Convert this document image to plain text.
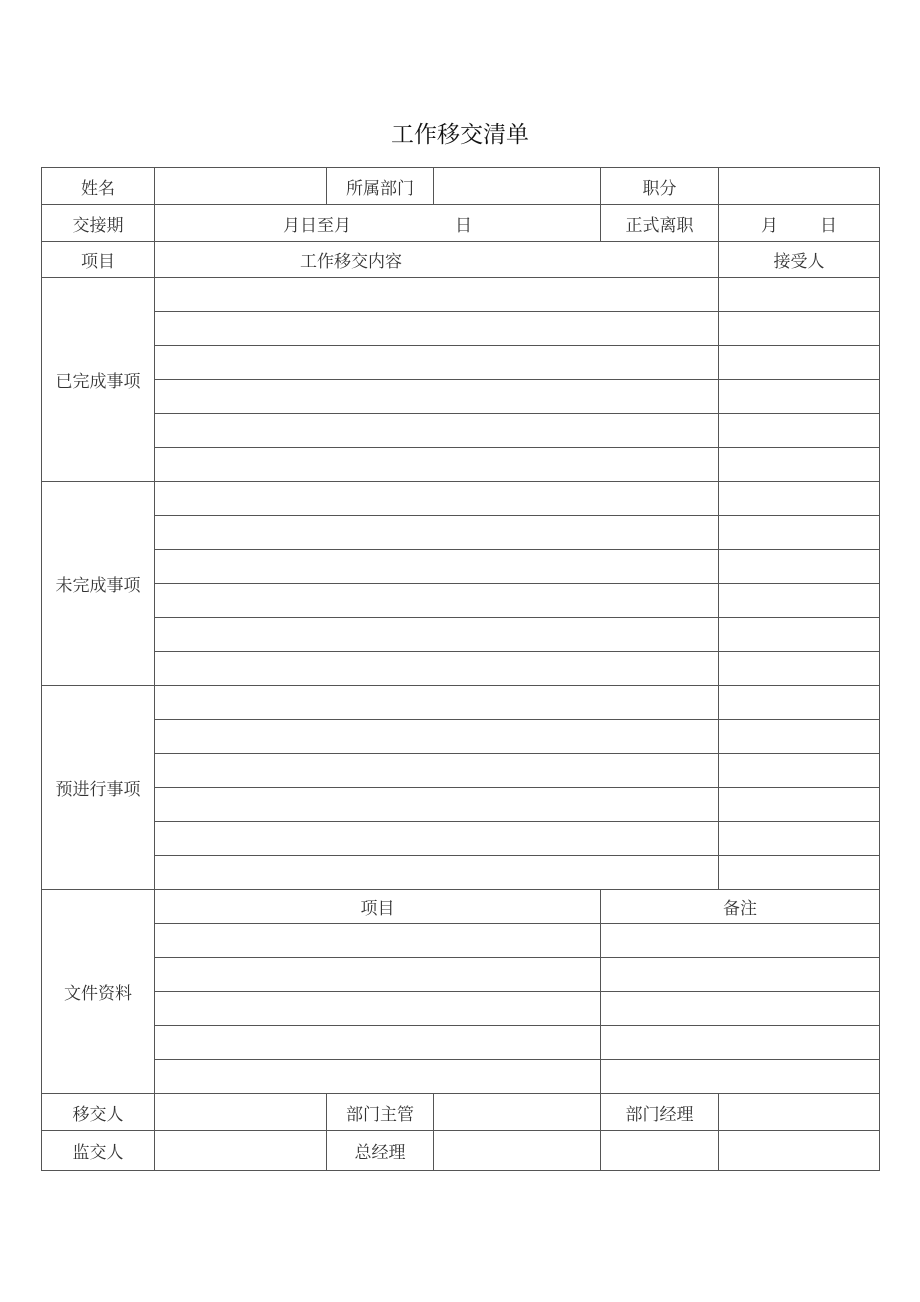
工作移交清单
姓名		所属部门		职分	
交接期	月日至月 日			正式离职	月 日
项目	工作移交内容				接受人
已完成事项					

未完成事项					

预进行事项					

文件资料	项目			备注	

移交人		部门主管		部门经理	
监交人		总经理			
